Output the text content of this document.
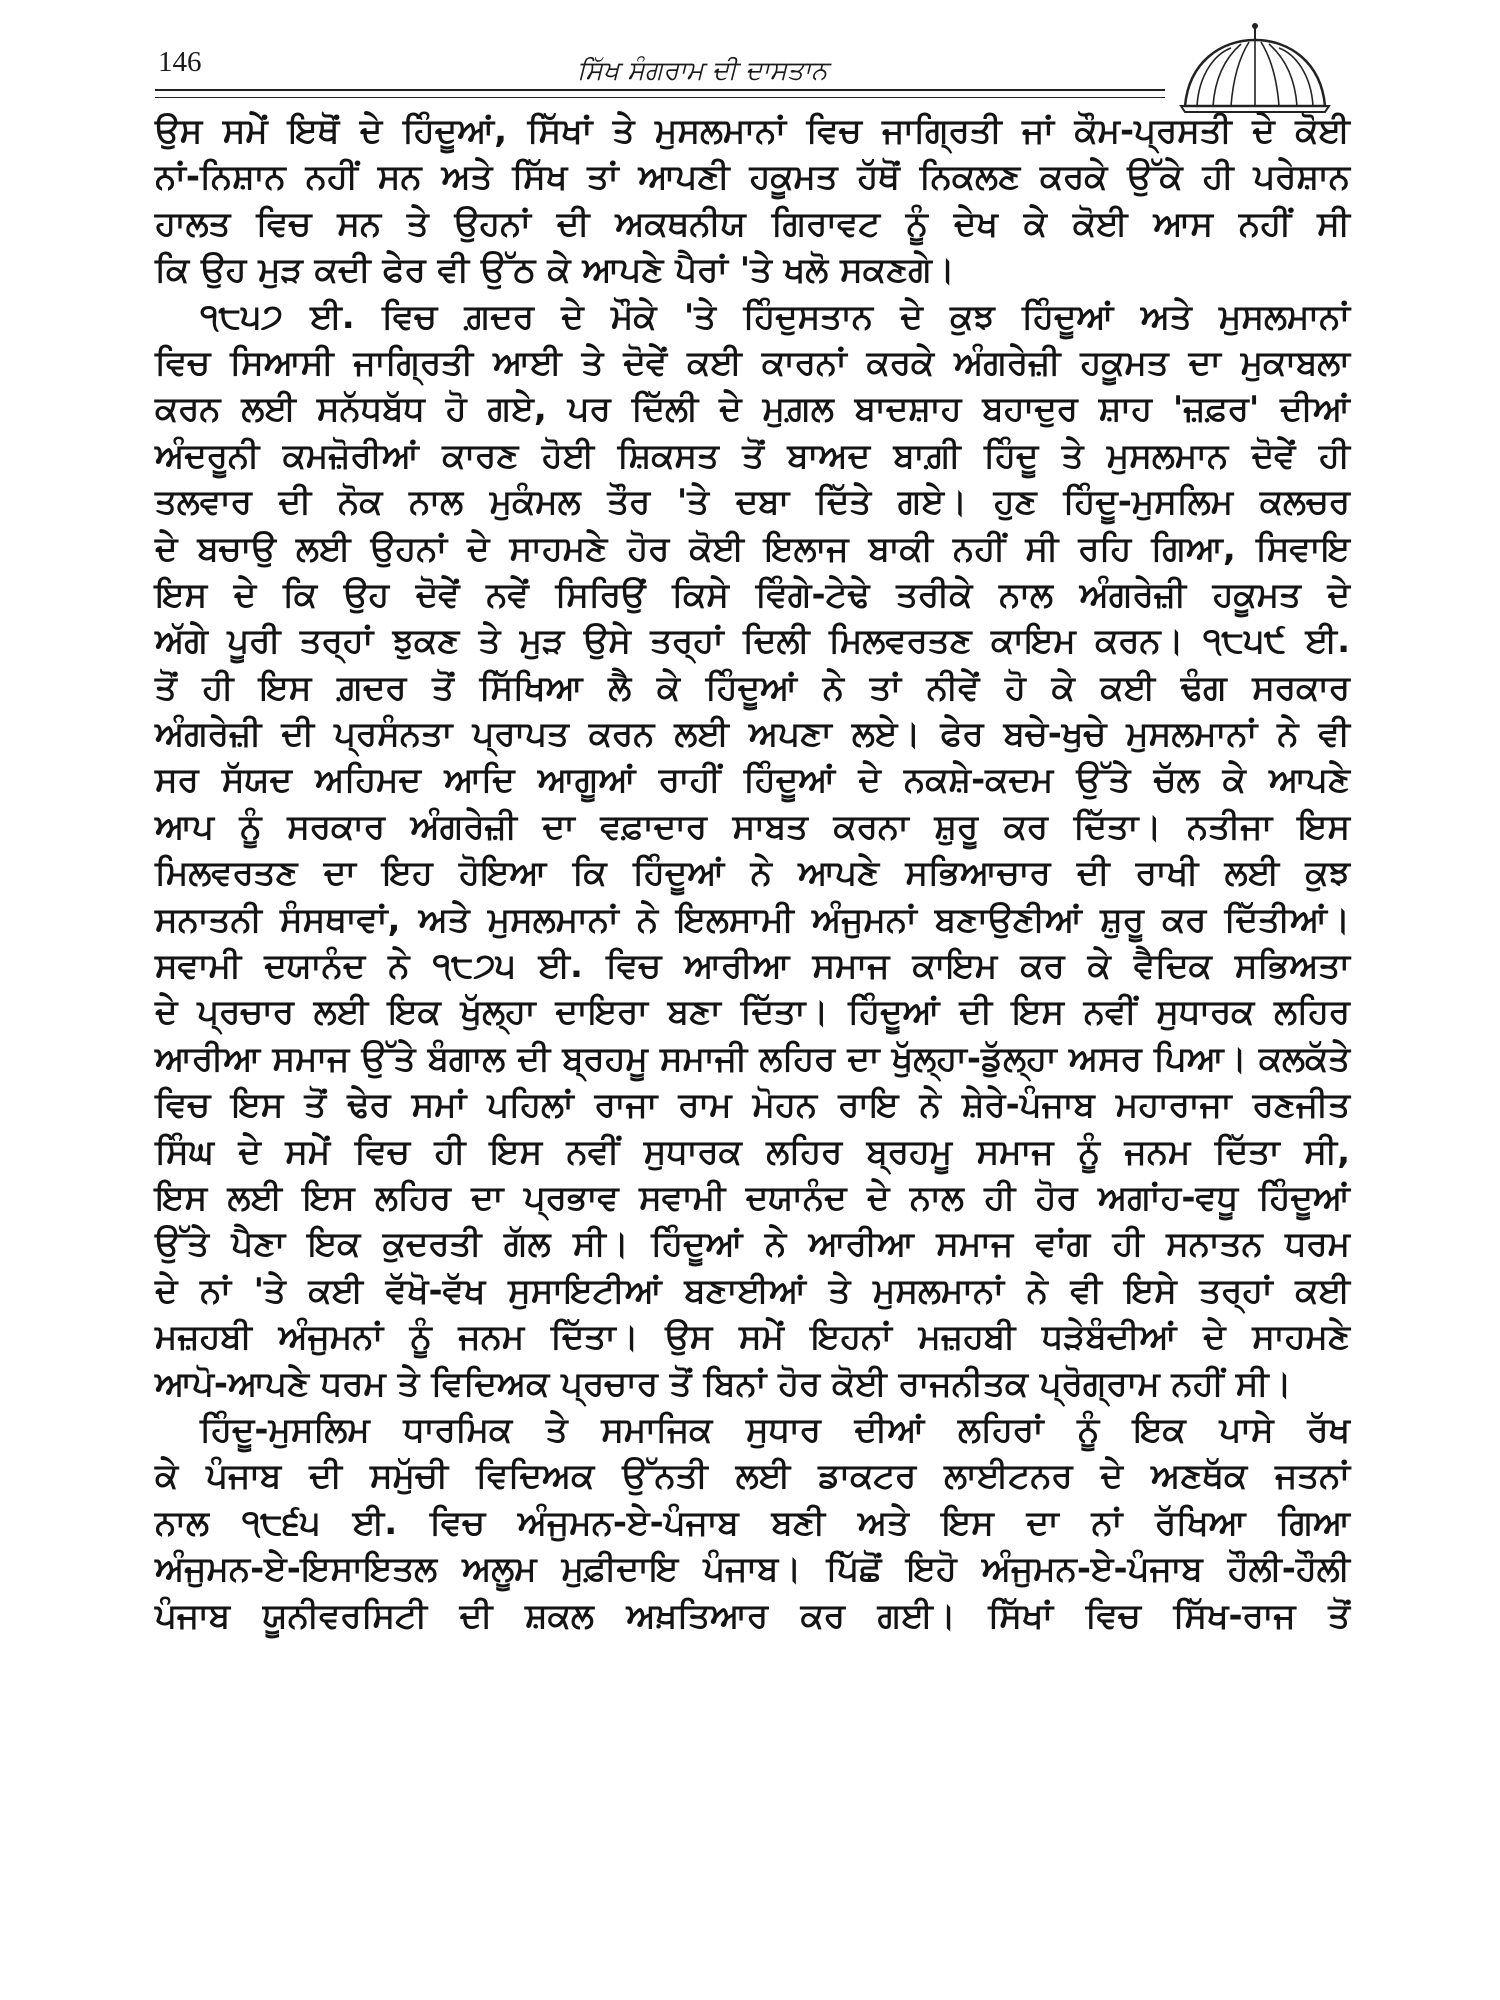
146	ਸਿੱਖ ਸੰਗਰਾਮ ਦੀ ਦਾਸਤਾਨ
ਉਸ ਸਮੇਂ ਇਥੋਂ ਦੇ ਹਿੰਦੂਆਂ, ਸਿੱਖਾਂ ਤੇ ਮੁਸਲਮਾਨਾਂ ਵਿਚ ਜਾਗ੍ਰਿਤੀ ਜਾਂ ਕੌਮ-ਪ੍ਰਸਤੀ ਦੇ ਕੋਈ
ਨਾਂ-ਨਿਸ਼ਾਨ ਨਹੀਂ ਸਨ ਅਤੇ ਸਿੱਖ ਤਾਂ ਆਪਣੀ ਹਕੂਮਤ ਹੱਥੋਂ ਨਿਕਲਣ ਕਰਕੇ ਉੱਕੇ ਹੀ ਪਰੇਸ਼ਾਨ
ਹਾਲਤ ਵਿਚ ਸਨ ਤੇ ਉਹਨਾਂ ਦੀ ਅਕਥਨੀਯ ਗਿਰਾਵਟ ਨੂੰ ਦੇਖ ਕੇ ਕੋਈ ਆਸ ਨਹੀਂ ਸੀ
ਕਿ ਉਹ ਮੁੜ ਕਦੀ ਫੇਰ ਵੀ ਉੱਠ ਕੇ ਆਪਣੇ ਪੈਰਾਂ 'ਤੇ ਖਲੋ ਸਕਣਗੇ।
੧੮੫੭ ਈ. ਵਿਚ ਗ਼ਦਰ ਦੇ ਮੌਕੇ 'ਤੇ ਹਿੰਦੁਸਤਾਨ ਦੇ ਕੁਝ ਹਿੰਦੂਆਂ ਅਤੇ ਮੁਸਲਮਾਨਾਂ
ਵਿਚ ਸਿਆਸੀ ਜਾਗ੍ਰਿਤੀ ਆਈ ਤੇ ਦੋਵੇਂ ਕਈ ਕਾਰਨਾਂ ਕਰਕੇ ਅੰਗਰੇਜ਼ੀ ਹਕੂਮਤ ਦਾ ਮੁਕਾਬਲਾ
ਕਰਨ ਲਈ ਸਨੱਧਬੱਧ ਹੋ ਗਏ, ਪਰ ਦਿੱਲੀ ਦੇ ਮੁਗ਼ਲ ਬਾਦਸ਼ਾਹ ਬਹਾਦੁਰ ਸ਼ਾਹ 'ਜ਼ਫ਼ਰ' ਦੀਆਂ
ਅੰਦਰੂਨੀ ਕਮਜ਼ੋਰੀਆਂ ਕਾਰਣ ਹੋਈ ਸ਼ਿਕਸਤ ਤੋਂ ਬਾਅਦ ਬਾਗ਼ੀ ਹਿੰਦੂ ਤੇ ਮੁਸਲਮਾਨ ਦੋਵੇਂ ਹੀ
ਤਲਵਾਰ ਦੀ ਨੋਕ ਨਾਲ ਮੁਕੰਮਲ ਤੌਰ 'ਤੇ ਦਬਾ ਦਿੱਤੇ ਗਏ। ਹੁਣ ਹਿੰਦੂ-ਮੁਸਲਿਮ ਕਲਚਰ
ਦੇ ਬਚਾਉ ਲਈ ਉਹਨਾਂ ਦੇ ਸਾਹਮਣੇ ਹੋਰ ਕੋਈ ਇਲਾਜ ਬਾਕੀ ਨਹੀਂ ਸੀ ਰਹਿ ਗਿਆ, ਸਿਵਾਇ
ਇਸ ਦੇ ਕਿ ਉਹ ਦੋਵੇਂ ਨਵੇਂ ਸਿਰਿਉਂ ਕਿਸੇ ਵਿੰਗੇ-ਟੇਢੇ ਤਰੀਕੇ ਨਾਲ ਅੰਗਰੇਜ਼ੀ ਹਕੂਮਤ ਦੇ
ਅੱਗੇ ਪੂਰੀ ਤਰ੍ਹਾਂ ਝੁਕਣ ਤੇ ਮੁੜ ਉਸੇ ਤਰ੍ਹਾਂ ਦਿਲੀ ਮਿਲਵਰਤਣ ਕਾਇਮ ਕਰਨ। ੧੮੫੯ ਈ.
ਤੋਂ ਹੀ ਇਸ ਗ਼ਦਰ ਤੋਂ ਸਿੱਖਿਆ ਲੈ ਕੇ ਹਿੰਦੂਆਂ ਨੇ ਤਾਂ ਨੀਵੇਂ ਹੋ ਕੇ ਕਈ ਢੰਗ ਸਰਕਾਰ
ਅੰਗਰੇਜ਼ੀ ਦੀ ਪ੍ਰਸੰਨਤਾ ਪ੍ਰਾਪਤ ਕਰਨ ਲਈ ਅਪਣਾ ਲਏ। ਫੇਰ ਬਚੇ-ਖੁਚੇ ਮੁਸਲਮਾਨਾਂ ਨੇ ਵੀ
ਸਰ ਸੱਯਦ ਅਹਿਮਦ ਆਦਿ ਆਗੂਆਂ ਰਾਹੀਂ ਹਿੰਦੂਆਂ ਦੇ ਨਕਸ਼ੇ-ਕਦਮ ਉੱਤੇ ਚੱਲ ਕੇ ਆਪਣੇ
ਆਪ ਨੂੰ ਸਰਕਾਰ ਅੰਗਰੇਜ਼ੀ ਦਾ ਵਫ਼ਾਦਾਰ ਸਾਬਤ ਕਰਨਾ ਸ਼ੁਰੂ ਕਰ ਦਿੱਤਾ। ਨਤੀਜਾ ਇਸ
ਮਿਲਵਰਤਣ ਦਾ ਇਹ ਹੋਇਆ ਕਿ ਹਿੰਦੂਆਂ ਨੇ ਆਪਣੇ ਸਭਿਆਚਾਰ ਦੀ ਰਾਖੀ ਲਈ ਕੁਝ
ਸਨਾਤਨੀ ਸੰਸਥਾਵਾਂ, ਅਤੇ ਮੁਸਲਮਾਨਾਂ ਨੇ ਇਲਸਾਮੀ ਅੰਜੁਮਨਾਂ ਬਣਾਉਣੀਆਂ ਸ਼ੁਰੂ ਕਰ ਦਿੱਤੀਆਂ।
ਸਵਾਮੀ ਦਯਾਨੰਦ ਨੇ ੧੮੭੫ ਈ. ਵਿਚ ਆਰੀਆ ਸਮਾਜ ਕਾਇਮ ਕਰ ਕੇ ਵੈਦਿਕ ਸਭਿਅਤਾ
ਦੇ ਪ੍ਰਚਾਰ ਲਈ ਇਕ ਖੁੱਲ੍ਹਾ ਦਾਇਰਾ ਬਣਾ ਦਿੱਤਾ। ਹਿੰਦੂਆਂ ਦੀ ਇਸ ਨਵੀਂ ਸੁਧਾਰਕ ਲਹਿਰ
ਆਰੀਆ ਸਮਾਜ ਉੱਤੇ ਬੰਗਾਲ ਦੀ ਬ੍ਰਹਮੂ ਸਮਾਜੀ ਲਹਿਰ ਦਾ ਖੁੱਲ੍ਹਾ-ਡੁੱਲ੍ਹਾ ਅਸਰ ਪਿਆ। ਕਲਕੱਤੇ
ਵਿਚ ਇਸ ਤੋਂ ਢੇਰ ਸਮਾਂ ਪਹਿਲਾਂ ਰਾਜਾ ਰਾਮ ਮੋਹਨ ਰਾਇ ਨੇ ਸ਼ੇਰੇ-ਪੰਜਾਬ ਮਹਾਰਾਜਾ ਰਣਜੀਤ
ਸਿੰਘ ਦੇ ਸਮੇਂ ਵਿਚ ਹੀ ਇਸ ਨਵੀਂ ਸੁਧਾਰਕ ਲਹਿਰ ਬ੍ਰਹਮੂ ਸਮਾਜ ਨੂੰ ਜਨਮ ਦਿੱਤਾ ਸੀ,
ਇਸ ਲਈ ਇਸ ਲਹਿਰ ਦਾ ਪ੍ਰਭਾਵ ਸਵਾਮੀ ਦਯਾਨੰਦ ਦੇ ਨਾਲ ਹੀ ਹੋਰ ਅਗਾਂਹ-ਵਧੂ ਹਿੰਦੂਆਂ
ਉੱਤੇ ਪੈਣਾ ਇਕ ਕੁਦਰਤੀ ਗੱਲ ਸੀ। ਹਿੰਦੂਆਂ ਨੇ ਆਰੀਆ ਸਮਾਜ ਵਾਂਗ ਹੀ ਸਨਾਤਨ ਧਰਮ
ਦੇ ਨਾਂ 'ਤੇ ਕਈ ਵੱਖੋ-ਵੱਖ ਸੁਸਾਇਟੀਆਂ ਬਣਾਈਆਂ ਤੇ ਮੁਸਲਮਾਨਾਂ ਨੇ ਵੀ ਇਸੇ ਤਰ੍ਹਾਂ ਕਈ
ਮਜ਼ਹਬੀ ਅੰਜੁਮਨਾਂ ਨੂੰ ਜਨਮ ਦਿੱਤਾ। ਉਸ ਸਮੇਂ ਇਹਨਾਂ ਮਜ਼ਹਬੀ ਧੜੇਬੰਦੀਆਂ ਦੇ ਸਾਹਮਣੇ
ਆਪੋ-ਆਪਣੇ ਧਰਮ ਤੇ ਵਿਦਿਅਕ ਪ੍ਰਚਾਰ ਤੋਂ ਬਿਨਾਂ ਹੋਰ ਕੋਈ ਰਾਜਨੀਤਕ ਪ੍ਰੋਗ੍ਰਾਮ ਨਹੀਂ ਸੀ।
ਹਿੰਦੂ-ਮੁਸਲਿਮ ਧਾਰਮਿਕ ਤੇ ਸਮਾਜਿਕ ਸੁਧਾਰ ਦੀਆਂ ਲਹਿਰਾਂ ਨੂੰ ਇਕ ਪਾਸੇ ਰੱਖ
ਕੇ ਪੰਜਾਬ ਦੀ ਸਮੁੱਚੀ ਵਿਦਿਅਕ ਉੱਨਤੀ ਲਈ ਡਾਕਟਰ ਲਾਈਟਨਰ ਦੇ ਅਣਥੱਕ ਜਤਨਾਂ
ਨਾਲ ੧੮੬੫ ਈ. ਵਿਚ ਅੰਜੁਮਨ-ਏ-ਪੰਜਾਬ ਬਣੀ ਅਤੇ ਇਸ ਦਾ ਨਾਂ ਰੱਖਿਆ ਗਿਆ
ਅੰਜੁਮਨ-ਏ-ਇਸਾਇਤਲ ਅਲੂਮ ਮੁਫ਼ੀਦਾਇ ਪੰਜਾਬ। ਪਿੱਛੋਂ ਇਹੋ ਅੰਜੁਮਨ-ਏ-ਪੰਜਾਬ ਹੌਲੀ-ਹੌਲੀ
ਪੰਜਾਬ ਯੂਨੀਵਰਸਿਟੀ ਦੀ ਸ਼ਕਲ ਅਖ਼ਤਿਆਰ ਕਰ ਗਈ। ਸਿੱਖਾਂ ਵਿਚ ਸਿੱਖ-ਰਾਜ ਤੋਂ
